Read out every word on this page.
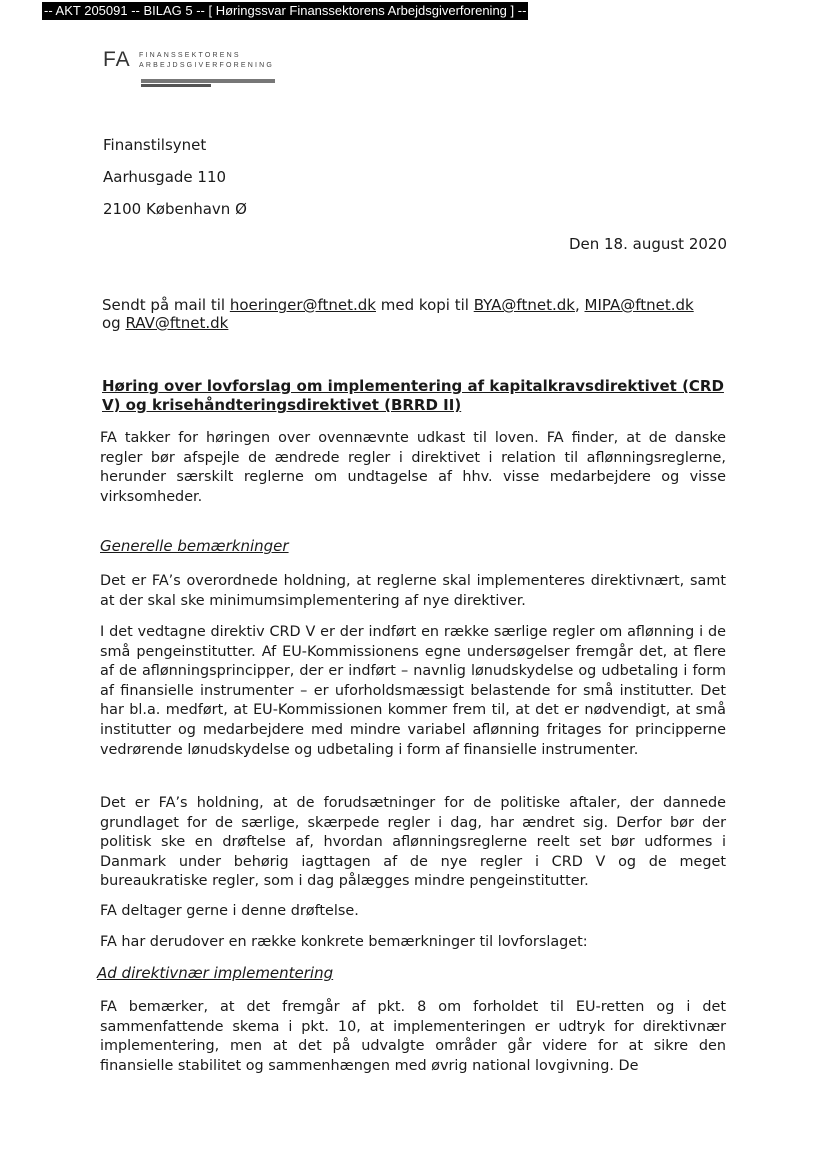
-- AKT 205091 -- BILAG 5 -- [ Høringssvar Finanssektorens Arbejdsgiverforening ] --
FA FINANSSEKTORENS
ARBEJDSGIVERFORENING
Finanstilsynet
Aarhusgade 110
2100 København Ø
Den 18. august 2020
Sendt på mail til hoeringer@ftnet.dk med kopi til BYA@ftnet.dk, MIPA@ftnet.dk
og RAV@ftnet.dk
Høring over lovforslag om implementering af kapitalkravsdirektivet (CRD
V) og krisehåndteringsdirektivet (BRRD II)
FA takker for høringen over ovennævnte udkast til loven. FA finder, at de danske regler bør afspejle de ændrede regler i direktivet i relation til aflønningsreglerne, herunder særskilt reglerne om undtagelse af hhv. visse medarbejdere og visse virksomheder.
Generelle bemærkninger
Det er FA’s overordnede holdning, at reglerne skal implementeres direktivnært, samt at der skal ske minimumsimplementering af nye direktiver.
I det vedtagne direktiv CRD V er der indført en række særlige regler om aflønning i de små pengeinstitutter. Af EU-Kommissionens egne undersøgelser fremgår det, at flere af de aflønningsprincipper, der er indført – navnlig lønudskydelse og udbetaling i form af finansielle instrumenter – er uforholdsmæssigt belastende for små institutter. Det har bl.a. medført, at EU-Kommissionen kommer frem til, at det er nødvendigt, at små institutter og medarbejdere med mindre variabel aflønning fritages for principperne vedrørende lønudskydelse og udbetaling i form af finansielle instrumenter.
Det er FA’s holdning, at de forudsætninger for de politiske aftaler, der dannede grundlaget for de særlige, skærpede regler i dag, har ændret sig. Derfor bør der politisk ske en drøftelse af, hvordan aflønningsreglerne reelt set bør udformes i Danmark under behørig iagttagen af de nye regler i CRD V og de meget bureaukratiske regler, som i dag pålægges mindre pengeinstitutter.
FA deltager gerne i denne drøftelse.
FA har derudover en række konkrete bemærkninger til lovforslaget:
Ad direktivnær implementering
FA bemærker, at det fremgår af pkt. 8 om forholdet til EU-retten og i det sammenfattende skema i pkt. 10, at implementeringen er udtryk for direktivnær implementering, men at det på udvalgte områder går videre for at sikre den finansielle stabilitet og sammenhængen med øvrig national lovgivning. De
